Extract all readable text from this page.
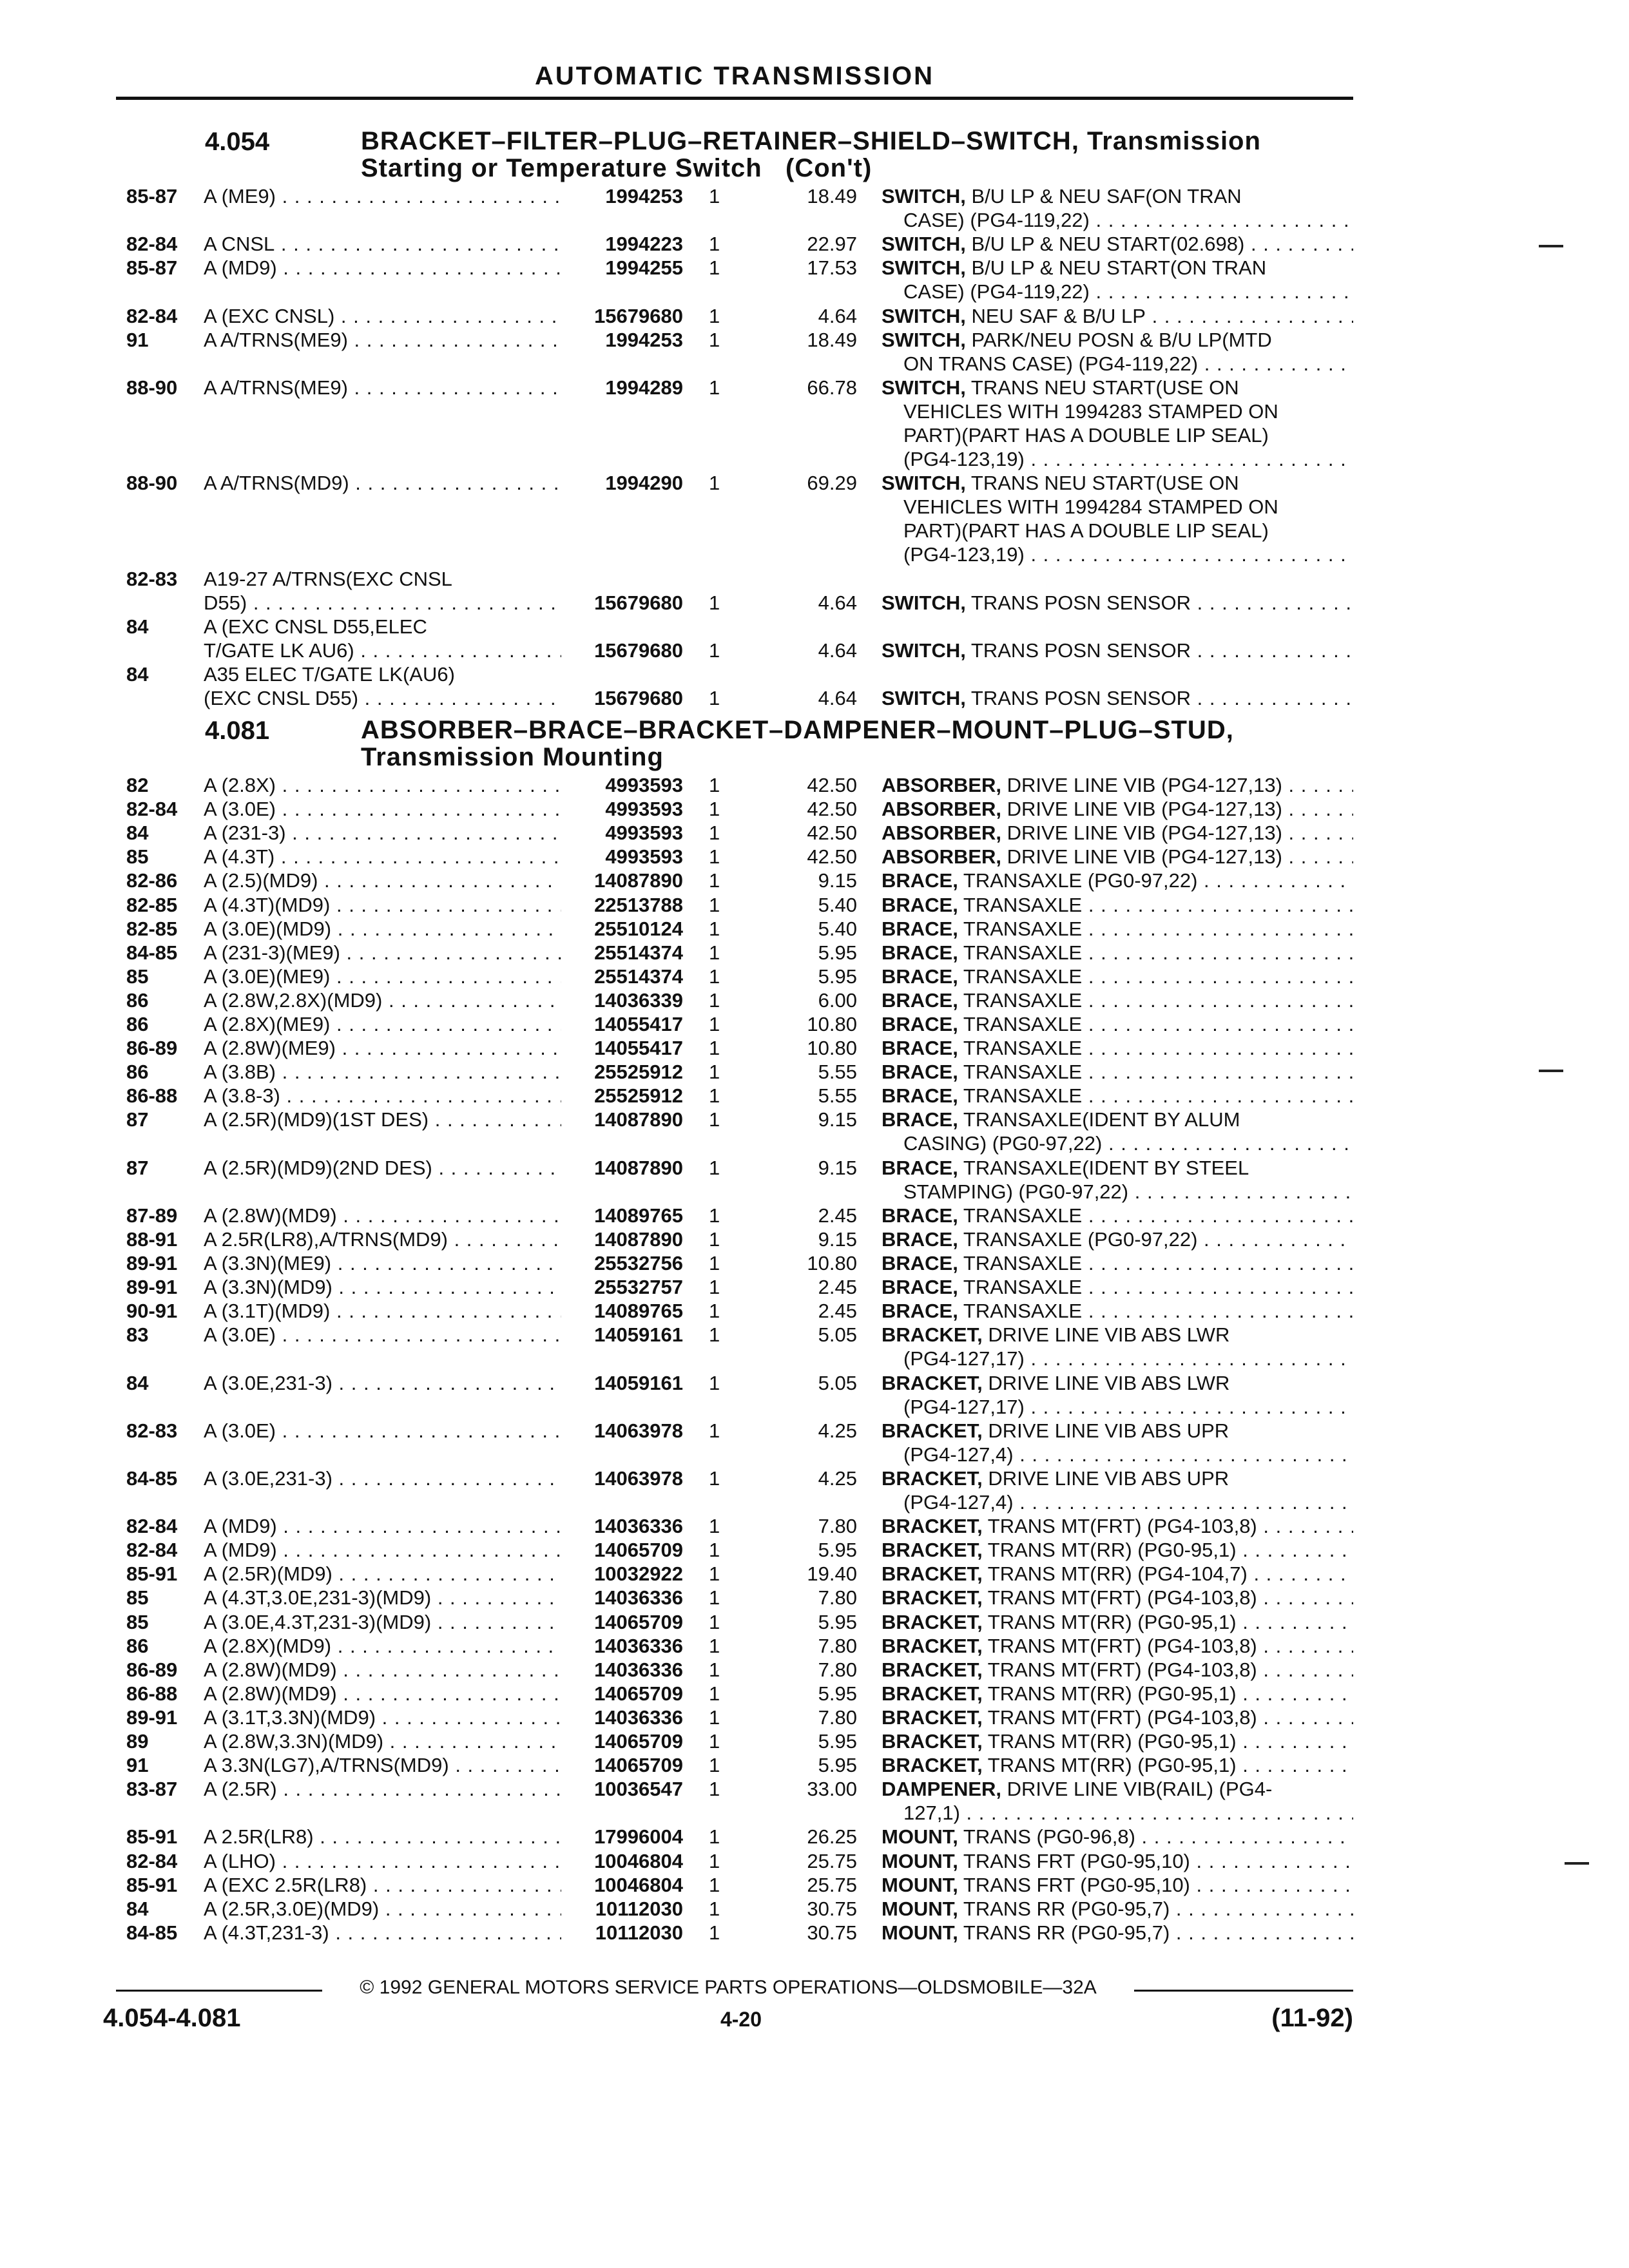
AUTOMATIC TRANSMISSION
4.054	BRACKET–FILTER–PLUG–RETAINER–SHIELD–SWITCH, Transmission
Starting or Temperature Switch   (Con't)
85-87 A (ME9) . . .	1994253 1	18.49 SWITCH, B/U LP & NEU SAF(ON TRAN
CASE) (PG4-119,22) . . .
82-84 A CNSL . . .	1994223 1	22.97 SWITCH, B/U LP & NEU START(02.698) . . .
85-87 A (MD9) . . .	1994255 1	17.53 SWITCH, B/U LP & NEU START(ON TRAN
CASE) (PG4-119,22) . . .
82-84 A (EXC CNSL) . . .	15679680 1	4.64 SWITCH, NEU SAF & B/U LP . . .
91	A A/TRNS(ME9) . . .	1994253 1	18.49 SWITCH, PARK/NEU POSN & B/U LP(MTD
ON TRANS CASE) (PG4-119,22) . . .
88-90 A A/TRNS(ME9) . . .	1994289 1	66.78 SWITCH, TRANS NEU START(USE ON
VEHICLES WITH 1994283 STAMPED ON
PART)(PART HAS A DOUBLE LIP SEAL)
(PG4-123,19) . . .
88-90 A A/TRNS(MD9) . . .	1994290 1	69.29 SWITCH, TRANS NEU START(USE ON
VEHICLES WITH 1994284 STAMPED ON
PART)(PART HAS A DOUBLE LIP SEAL)
(PG4-123,19) . . .
82-83 A19-27 A/TRNS(EXC CNSL
D55) . . .	15679680 1	4.64 SWITCH, TRANS POSN SENSOR . . .
84	A (EXC CNSL D55,ELEC
T/GATE LK AU6) . . .	15679680 1	4.64 SWITCH, TRANS POSN SENSOR . . .
84	A35 ELEC T/GATE LK(AU6)
(EXC CNSL D55) . . .	15679680 1	4.64 SWITCH, TRANS POSN SENSOR . . .
4.081	ABSORBER–BRACE–BRACKET–DAMPENER–MOUNT–PLUG–STUD,
Transmission Mounting
82	A (2.8X) . . .	4993593 1	42.50 ABSORBER, DRIVE LINE VIB (PG4-127,13) . . .
82-84 A (3.0E) . . .	4993593 1	42.50 ABSORBER, DRIVE LINE VIB (PG4-127,13) . . .
84	A (231-3) . . .	4993593 1	42.50 ABSORBER, DRIVE LINE VIB (PG4-127,13) . . .
85	A (4.3T) . . .	4993593 1	42.50 ABSORBER, DRIVE LINE VIB (PG4-127,13) . . .
82-86 A (2.5)(MD9) . . .	14087890 1	9.15 BRACE, TRANSAXLE (PG0-97,22) . . .
82-85 A (4.3T)(MD9) . . .	22513788 1	5.40 BRACE, TRANSAXLE . . .
82-85 A (3.0E)(MD9) . . .	25510124 1	5.40 BRACE, TRANSAXLE . . .
84-85 A (231-3)(ME9) . . .	25514374 1	5.95 BRACE, TRANSAXLE . . .
85	A (3.0E)(ME9) . . .	25514374 1	5.95 BRACE, TRANSAXLE . . .
86	A (2.8W,2.8X)(MD9) . . .	14036339 1	6.00 BRACE, TRANSAXLE . . .
86	A (2.8X)(ME9) . . .	14055417 1	10.80 BRACE, TRANSAXLE . . .
86-89 A (2.8W)(ME9) . . .	14055417 1	10.80 BRACE, TRANSAXLE . . .
86	A (3.8B) . . .	25525912 1	5.55 BRACE, TRANSAXLE . . .
86-88 A (3.8-3) . . .	25525912 1	5.55 BRACE, TRANSAXLE . . .
87	A (2.5R)(MD9)(1ST DES) . . .	14087890 1	9.15 BRACE, TRANSAXLE(IDENT BY ALUM
CASING) (PG0-97,22) . . .
87	A (2.5R)(MD9)(2ND DES) . . .	14087890 1	9.15 BRACE, TRANSAXLE(IDENT BY STEEL
STAMPING) (PG0-97,22) . . .
87-89 A (2.8W)(MD9) . . .	14089765 1	2.45 BRACE, TRANSAXLE . . .
88-91 A 2.5R(LR8),A/TRNS(MD9) . . .	14087890 1	9.15 BRACE, TRANSAXLE (PG0-97,22) . . .
89-91 A (3.3N)(ME9) . . .	25532756 1	10.80 BRACE, TRANSAXLE . . .
89-91 A (3.3N)(MD9) . . .	25532757 1	2.45 BRACE, TRANSAXLE . . .
90-91 A (3.1T)(MD9) . . .	14089765 1	2.45 BRACE, TRANSAXLE . . .
83	A (3.0E) . . .	14059161 1	5.05 BRACKET, DRIVE LINE VIB ABS LWR
(PG4-127,17) . . .
84	A (3.0E,231-3) . . .	14059161 1	5.05 BRACKET, DRIVE LINE VIB ABS LWR
(PG4-127,17) . . .
82-83 A (3.0E) . . .	14063978 1	4.25 BRACKET, DRIVE LINE VIB ABS UPR
(PG4-127,4) . . .
84-85 A (3.0E,231-3) . . .	14063978 1	4.25 BRACKET, DRIVE LINE VIB ABS UPR
(PG4-127,4) . . .
82-84 A (MD9) . . .	14036336 1	7.80 BRACKET, TRANS MT(FRT) (PG4-103,8) . . .
82-84 A (MD9) . . .	14065709 1	5.95 BRACKET, TRANS MT(RR) (PG0-95,1) . . .
85-91 A (2.5R)(MD9) . . .	10032922 1	19.40 BRACKET, TRANS MT(RR) (PG4-104,7) . . .
85	A (4.3T,3.0E,231-3)(MD9) . . .	14036336 1	7.80 BRACKET, TRANS MT(FRT) (PG4-103,8) . . .
85	A (3.0E,4.3T,231-3)(MD9) . . .	14065709 1	5.95 BRACKET, TRANS MT(RR) (PG0-95,1) . . .
86	A (2.8X)(MD9) . . .	14036336 1	7.80 BRACKET, TRANS MT(FRT) (PG4-103,8) . . .
86-89 A (2.8W)(MD9) . . .	14036336 1	7.80 BRACKET, TRANS MT(FRT) (PG4-103,8) . . .
86-88 A (2.8W)(MD9) . . .	14065709 1	5.95 BRACKET, TRANS MT(RR) (PG0-95,1) . . .
89-91 A (3.1T,3.3N)(MD9) . . .	14036336 1	7.80 BRACKET, TRANS MT(FRT) (PG4-103,8) . . .
89	A (2.8W,3.3N)(MD9) . . .	14065709 1	5.95 BRACKET, TRANS MT(RR) (PG0-95,1) . . .
91	A 3.3N(LG7),A/TRNS(MD9) . . .	14065709 1	5.95 BRACKET, TRANS MT(RR) (PG0-95,1) . . .
83-87 A (2.5R) . . .	10036547 1	33.00 DAMPENER, DRIVE LINE VIB(RAIL) (PG4-
127,1) . . .
85-91 A 2.5R(LR8) . . .	17996004 1	26.25 MOUNT, TRANS (PG0-96,8) . . .
82-84 A (LHO) . . .	10046804 1	25.75 MOUNT, TRANS FRT (PG0-95,10) . . .
85-91 A (EXC 2.5R(LR8) . . .	10046804 1	25.75 MOUNT, TRANS FRT (PG0-95,10) . . .
84	A (2.5R,3.0E)(MD9) . . .	10112030 1	30.75 MOUNT, TRANS RR (PG0-95,7) . . .
84-85 A (4.3T,231-3) . . .	10112030 1	30.75 MOUNT, TRANS RR (PG0-95,7) . . .
© 1992 GENERAL MOTORS SERVICE PARTS OPERATIONS—OLDSMOBILE—32A
4.054-4.081	4-20	(11-92)
